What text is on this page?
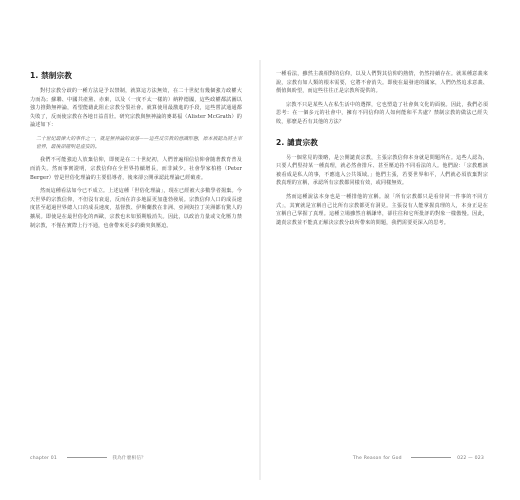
1. 禁制宗教

對付宗教分歧的一種方法是予以禁制，就算這方法無效，在二十世紀有幾個強力政權大力而為；蘇聯、中國共產黨、赤柬，以及（一度不太一樣的）納粹德國，這些政權都試圖以強力推動無神論，希望能藉此阻止宗教分裂社會。就算使用最激進的手段，這些嘗試通通都失敗了，反而使宗教在各地日益茁壯。研究宗教與無神論的麥葛福（Alister McGrath）的論述如下：

二十世紀最偉大的事件之一，就是無神論的衰落——這些反宗教的意識形態，原本被認為將主宰世界，最後卻證明是虛妄的。

我們不可能強迫人放棄信仰，即便是在二十世紀初，人們普遍相信信仰會隨著教育普及而消失。然而事實證明，宗教信仰在全世界持續增長，而非減少。社會學家柏格（Peter Berger）曾是世俗化理論的主要倡導者，後來卻公開承認此理論已經破產。

然而這種看法如今已不成立。上述這種「世俗化理論」，現在已經被大多數學者揚棄。今天世界的宗教信仰，不但沒有衰退，反而在許多地區更加蓬勃發展。宗教信仰人口的成長速度甚至超過世界總人口的成長速度，基督教、伊斯蘭教在非洲、亞洲與拉丁美洲都有驚人的擴展。即使是在最世俗化的西歐，宗教也未如預期般消失。因此，以政治力量或文化壓力禁制宗教，不僅在實際上行不通，也會帶來更多的衝突與壓迫。

chapter 01	我為什麼相信？

一種看法，雖然主義相對的信仰，以及人們對其信仰的熱情，仍然持續存在。就某種意義來說，宗教有如人類的根本需要，它將不會消失。即使在最發達的國家，人們仍然追求意義、價值與盼望，而這些往往正是宗教所提供的。

宗教不只是某些人在私生活中的選擇，它也塑造了社會與文化的面貌。因此，我們必須思考：在一個多元的社會中，擁有不同信仰的人如何能和平共處？禁制宗教的做法已經失敗，那麼是否有其他的方法？

2. 譴責宗教

另一個常見的策略，是公開譴責宗教，主張宗教信仰本身就是問題所在。這些人認為，只要人們堅持某一種真理，就必然會排斥、甚至壓迫持不同看法的人。他們說：「宗教應該被看成是私人的事，不應進入公共領域。」他們主張，若要世界和平，人們就必須放棄對宗教真理的宣稱，承認所有宗教都同樣有效，或同樣無效。

然而這種說法本身也是一種排他的宣稱。說「所有宗教都只是看待同一件事的不同方式」，其實就是宣稱自己比所有宗教都更有洞見。主張沒有人能掌握真理的人，本身正是在宣稱自己掌握了真理。這種立場雖然自稱謙卑，卻往往和它所批評的對象一樣傲慢。因此，譴責宗教並不能真正解決宗教分歧所帶來的問題，我們需要更深入的思考。

The Reason for God	022 — 023
